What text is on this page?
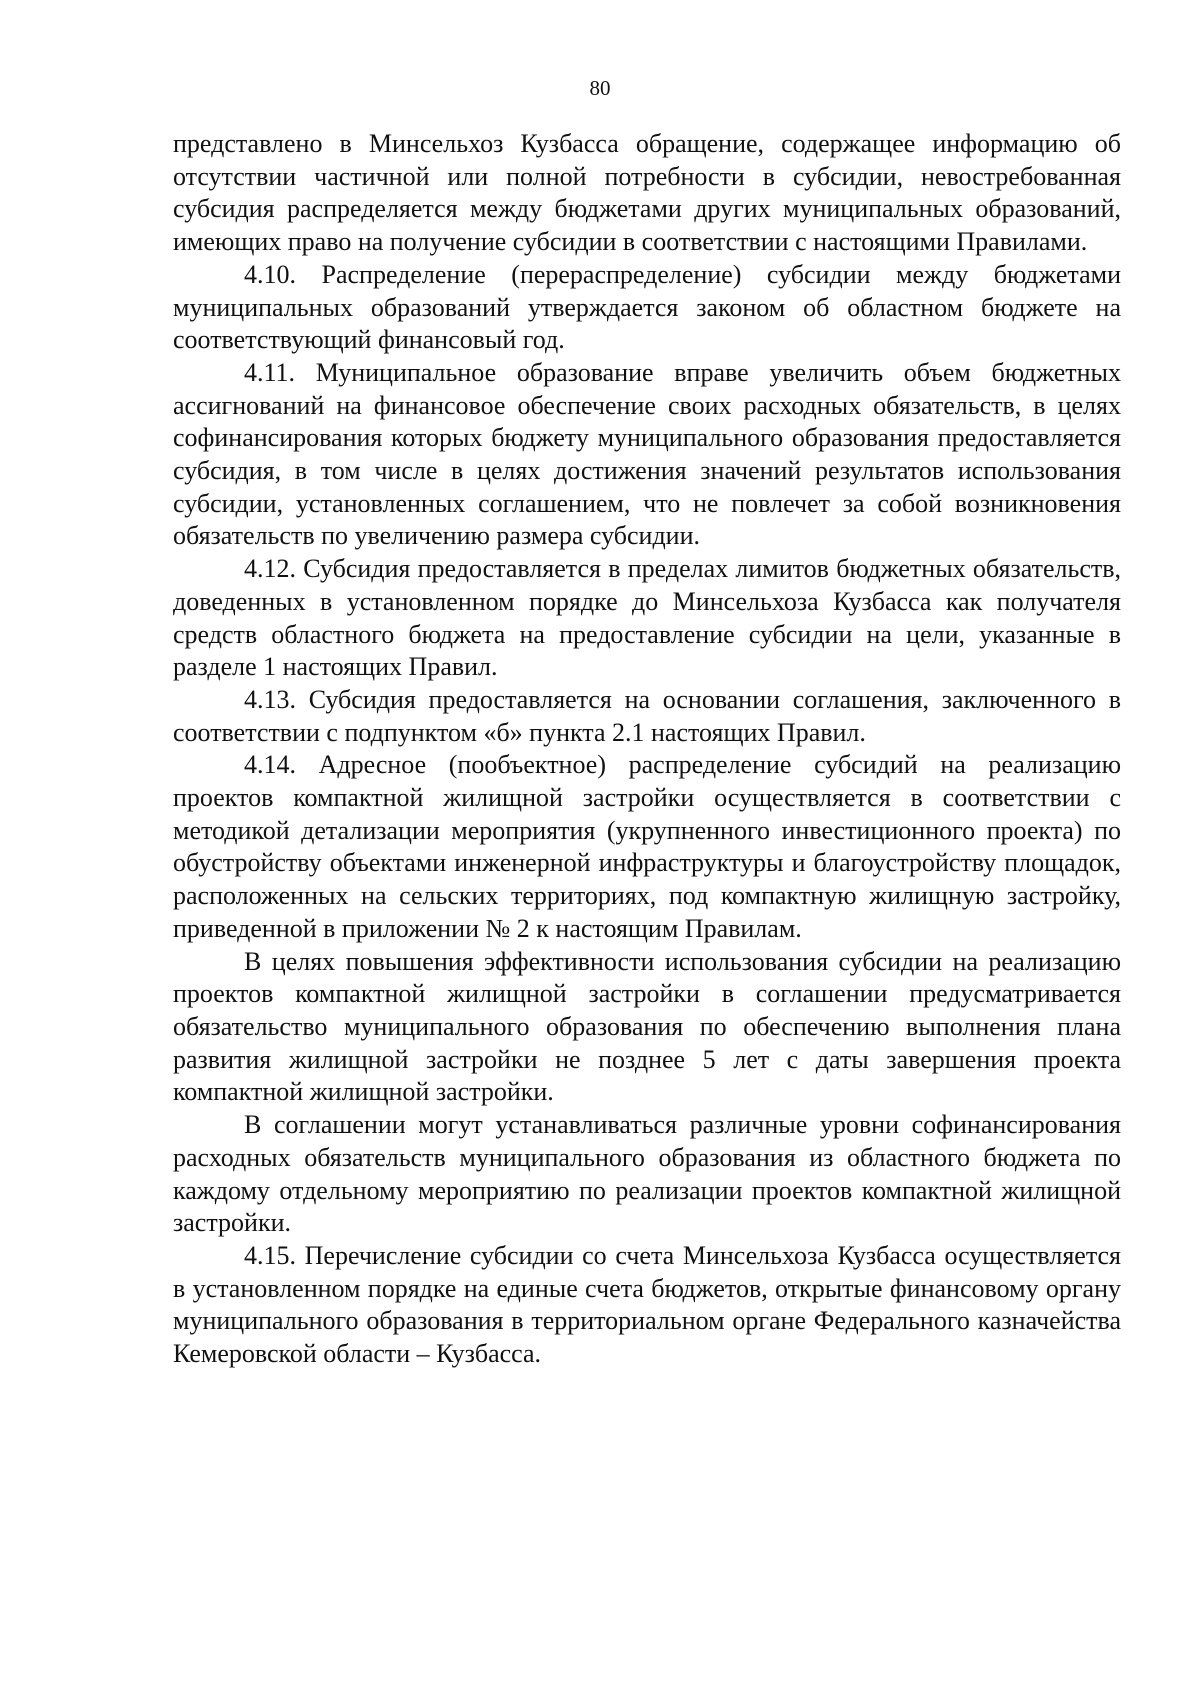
80

представлено в Минсельхоз Кузбасса обращение, содержащее информацию об отсутствии частичной или полной потребности в субсидии, невостребованная субсидия распределяется между бюджетами других муниципальных образований, имеющих право на получение субсидии в соответствии с настоящими Правилами.

4.10. Распределение (перераспределение) субсидии между бюджетами муниципальных образований утверждается законом об областном бюджете на соответствующий финансовый год.

4.11. Муниципальное образование вправе увеличить объем бюджетных ассигнований на финансовое обеспечение своих расходных обязательств, в целях софинансирования которых бюджету муниципального образования предоставляется субсидия, в том числе в целях достижения значений результатов использования субсидии, установленных соглашением, что не повлечет за собой возникновения обязательств по увеличению размера субсидии.

4.12. Субсидия предоставляется в пределах лимитов бюджетных обязательств, доведенных в установленном порядке до Минсельхоза Кузбасса как получателя средств областного бюджета на предоставление субсидии на цели, указанные в разделе 1 настоящих Правил.

4.13. Субсидия предоставляется на основании соглашения, заключенного в соответствии с подпунктом «б» пункта 2.1 настоящих Правил.

4.14. Адресное (пообъектное) распределение субсидий на реализацию проектов компактной жилищной застройки осуществляется в соответствии с методикой детализации мероприятия (укрупненного инвестиционного проекта) по обустройству объектами инженерной инфраструктуры и благоустройству площадок, расположенных на сельских территориях, под компактную жилищную застройку, приведенной в приложении № 2 к настоящим Правилам.

В целях повышения эффективности использования субсидии на реализацию проектов компактной жилищной застройки в соглашении предусматривается обязательство муниципального образования по обеспечению выполнения плана развития жилищной застройки не позднее 5 лет с даты завершения проекта компактной жилищной застройки.

В соглашении могут устанавливаться различные уровни софинансирования расходных обязательств муниципального образования из областного бюджета по каждому отдельному мероприятию по реализации проектов компактной жилищной застройки.

4.15. Перечисление субсидии со счета Минсельхоза Кузбасса осуществляется в установленном порядке на единые счета бюджетов, открытые финансовому органу муниципального образования в территориальном органе Федерального казначейства Кемеровской области – Кузбасса.
